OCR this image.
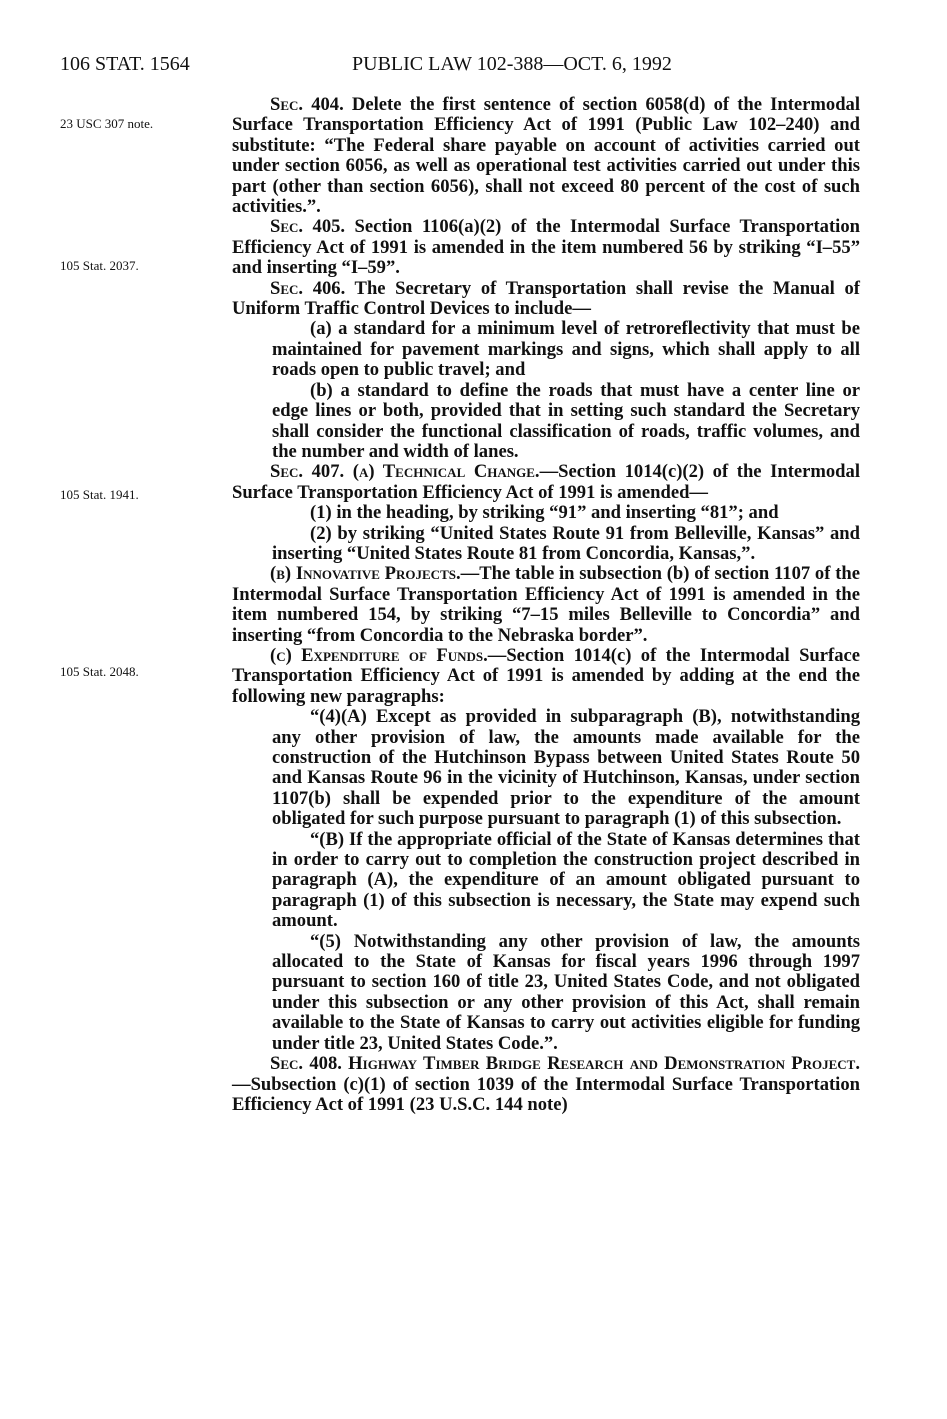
106 STAT. 1564	PUBLIC LAW 102-388—OCT. 6, 1992
23 USC 307 note.
105 Stat. 2037.
105 Stat. 1941.
105 Stat. 2048.

Sec. 404. Delete the first sentence of section 6058(d) of the Intermodal Surface Transportation Efficiency Act of 1991 (Public Law 102–240) and substitute: “The Federal share payable on account of activities carried out under section 6056, as well as operational test activities carried out under this part (other than section 6056), shall not exceed 80 percent of the cost of such activities.”.

Sec. 405. Section 1106(a)(2) of the Intermodal Surface Transportation Efficiency Act of 1991 is amended in the item numbered 56 by striking “I–55” and inserting “I–59”.

Sec. 406. The Secretary of Transportation shall revise the Manual of Uniform Traffic Control Devices to include—

(a) a standard for a minimum level of retroreflectivity that must be maintained for pavement markings and signs, which shall apply to all roads open to public travel; and

(b) a standard to define the roads that must have a center line or edge lines or both, provided that in setting such standard the Secretary shall consider the functional classification of roads, traffic volumes, and the number and width of lanes.

Sec. 407. (a) Technical Change.—Section 1014(c)(2) of the Intermodal Surface Transportation Efficiency Act of 1991 is amended—

(1) in the heading, by striking “91” and inserting “81”; and

(2) by striking “United States Route 91 from Belleville, Kansas” and inserting “United States Route 81 from Concordia, Kansas,”.

(b) Innovative Projects.—The table in subsection (b) of section 1107 of the Intermodal Surface Transportation Efficiency Act of 1991 is amended in the item numbered 154, by striking “7–15 miles Belleville to Concordia” and inserting “from Concordia to the Nebraska border”.

(c) Expenditure of Funds.—Section 1014(c) of the Intermodal Surface Transportation Efficiency Act of 1991 is amended by adding at the end the following new paragraphs:

“(4)(A) Except as provided in subparagraph (B), notwithstanding any other provision of law, the amounts made available for the construction of the Hutchinson Bypass between United States Route 50 and Kansas Route 96 in the vicinity of Hutchinson, Kansas, under section 1107(b) shall be expended prior to the expenditure of the amount obligated for such purpose pursuant to paragraph (1) of this subsection.

“(B) If the appropriate official of the State of Kansas determines that in order to carry out to completion the construction project described in paragraph (A), the expenditure of an amount obligated pursuant to paragraph (1) of this subsection is necessary, the State may expend such amount.

“(5) Notwithstanding any other provision of law, the amounts allocated to the State of Kansas for fiscal years 1996 through 1997 pursuant to section 160 of title 23, United States Code, and not obligated under this subsection or any other provision of this Act, shall remain available to the State of Kansas to carry out activities eligible for funding under title 23, United States Code.”.

Sec. 408. Highway Timber Bridge Research and Demonstration Project.—Subsection (c)(1) of section 1039 of the Intermodal Surface Transportation Efficiency Act of 1991 (23 U.S.C. 144 note)
